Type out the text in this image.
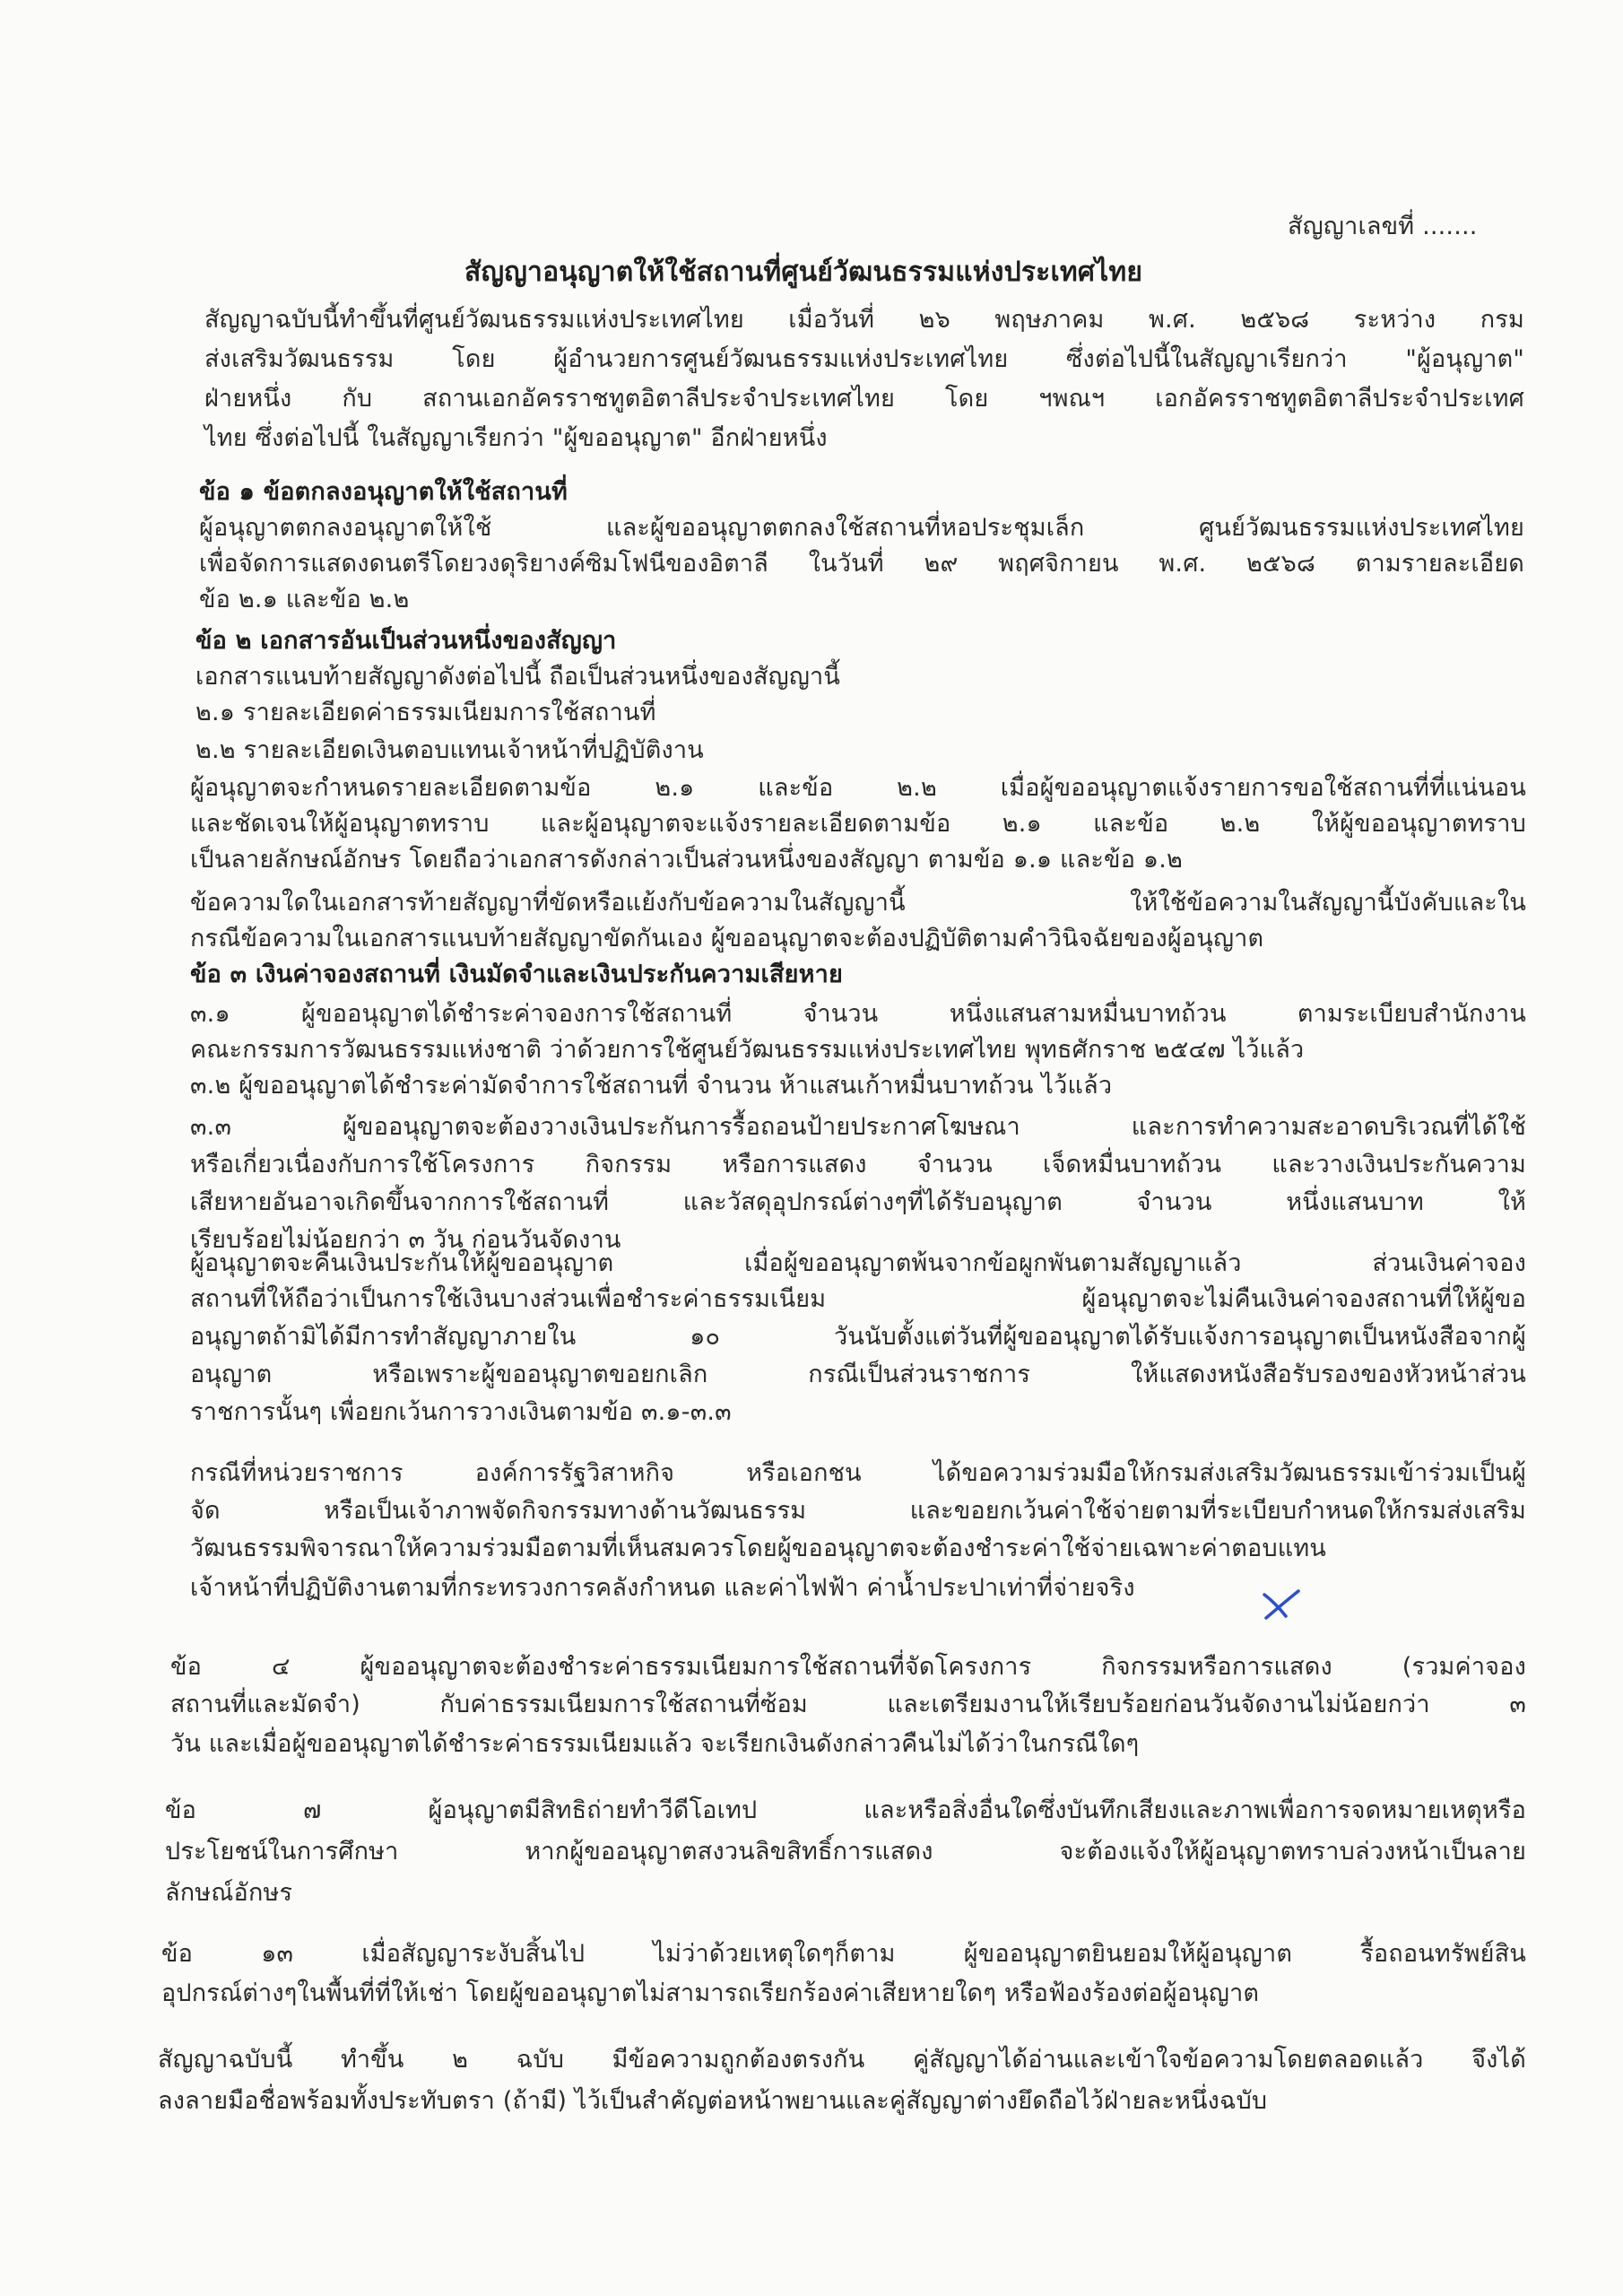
สัญญาเลขที่ .......
สัญญาอนุญาตให้ใช้สถานที่ศูนย์วัฒนธรรมแห่งประเทศไทย
สัญญาฉบับนี้ทำขึ้นที่ศูนย์วัฒนธรรมแห่งประเทศไทย เมื่อวันที่ ๒๖ พฤษภาคม พ.ศ. ๒๕๖๘ ระหว่าง กรม
ส่งเสริมวัฒนธรรม โดย ผู้อำนวยการศูนย์วัฒนธรรมแห่งประเทศไทย ซึ่งต่อไปนี้ในสัญญาเรียกว่า "ผู้อนุญาต"
ฝ่ายหนึ่ง กับ สถานเอกอัครราชทูตอิตาลีประจำประเทศไทย โดย ฯพณฯ เอกอัครราชทูตอิตาลีประจำประเทศ
ไทย ซึ่งต่อไปนี้ ในสัญญาเรียกว่า "ผู้ขออนุญาต" อีกฝ่ายหนึ่ง
ข้อ ๑ ข้อตกลงอนุญาตให้ใช้สถานที่
ผู้อนุญาตตกลงอนุญาตให้ใช้ และผู้ขออนุญาตตกลงใช้สถานที่หอประชุมเล็ก ศูนย์วัฒนธรรมแห่งประเทศไทย
เพื่อจัดการแสดงดนตรีโดยวงดุริยางค์ซิมโฟนีของอิตาลี ในวันที่ ๒๙ พฤศจิกายน พ.ศ. ๒๕๖๘ ตามรายละเอียด
ข้อ ๒.๑ และข้อ ๒.๒
ข้อ ๒ เอกสารอันเป็นส่วนหนึ่งของสัญญา
เอกสารแนบท้ายสัญญาดังต่อไปนี้ ถือเป็นส่วนหนึ่งของสัญญานี้
๒.๑ รายละเอียดค่าธรรมเนียมการใช้สถานที่
๒.๒ รายละเอียดเงินตอบแทนเจ้าหน้าที่ปฏิบัติงาน
ผู้อนุญาตจะกำหนดรายละเอียดตามข้อ ๒.๑ และข้อ ๒.๒ เมื่อผู้ขออนุญาตแจ้งรายการขอใช้สถานที่ที่แน่นอน
และชัดเจนให้ผู้อนุญาตทราบ และผู้อนุญาตจะแจ้งรายละเอียดตามข้อ ๒.๑ และข้อ ๒.๒ ให้ผู้ขออนุญาตทราบ
เป็นลายลักษณ์อักษร โดยถือว่าเอกสารดังกล่าวเป็นส่วนหนึ่งของสัญญา ตามข้อ ๑.๑ และข้อ ๑.๒
ข้อความใดในเอกสารท้ายสัญญาที่ขัดหรือแย้งกับข้อความในสัญญานี้ ให้ใช้ข้อความในสัญญานี้บังคับและใน
กรณีข้อความในเอกสารแนบท้ายสัญญาขัดกันเอง ผู้ขออนุญาตจะต้องปฏิบัติตามคำวินิจฉัยของผู้อนุญาต
ข้อ ๓ เงินค่าจองสถานที่ เงินมัดจำและเงินประกันความเสียหาย
๓.๑ ผู้ขออนุญาตได้ชำระค่าจองการใช้สถานที่ จำนวน หนึ่งแสนสามหมื่นบาทถ้วน ตามระเบียบสำนักงาน
คณะกรรมการวัฒนธรรมแห่งชาติ ว่าด้วยการใช้ศูนย์วัฒนธรรมแห่งประเทศไทย พุทธศักราช ๒๕๔๗ ไว้แล้ว
๓.๒ ผู้ขออนุญาตได้ชำระค่ามัดจำการใช้สถานที่ จำนวน ห้าแสนเก้าหมื่นบาทถ้วน ไว้แล้ว
๓.๓ ผู้ขออนุญาตจะต้องวางเงินประกันการรื้อถอนป้ายประกาศโฆษณา และการทำความสะอาดบริเวณที่ได้ใช้
หรือเกี่ยวเนื่องกับการใช้โครงการ กิจกรรม หรือการแสดง จำนวน เจ็ดหมื่นบาทถ้วน และวางเงินประกันความ
เสียหายอันอาจเกิดขึ้นจากการใช้สถานที่ และวัสดุอุปกรณ์ต่างๆที่ได้รับอนุญาต จำนวน หนึ่งแสนบาท ให้
เรียบร้อยไม่น้อยกว่า ๓ วัน ก่อนวันจัดงาน
ผู้อนุญาตจะคืนเงินประกันให้ผู้ขออนุญาต เมื่อผู้ขออนุญาตพ้นจากข้อผูกพันตามสัญญาแล้ว ส่วนเงินค่าจอง
สถานที่ให้ถือว่าเป็นการใช้เงินบางส่วนเพื่อชำระค่าธรรมเนียม ผู้อนุญาตจะไม่คืนเงินค่าจองสถานที่ให้ผู้ขอ
อนุญาตถ้ามิได้มีการทำสัญญาภายใน ๑๐ วันนับตั้งแต่วันที่ผู้ขออนุญาตได้รับแจ้งการอนุญาตเป็นหนังสือจากผู้
อนุญาต หรือเพราะผู้ขออนุญาตขอยกเลิก กรณีเป็นส่วนราชการ ให้แสดงหนังสือรับรองของหัวหน้าส่วน
ราชการนั้นๆ เพื่อยกเว้นการวางเงินตามข้อ ๓.๑-๓.๓
กรณีที่หน่วยราชการ องค์การรัฐวิสาหกิจ หรือเอกชน ได้ขอความร่วมมือให้กรมส่งเสริมวัฒนธรรมเข้าร่วมเป็นผู้
จัด หรือเป็นเจ้าภาพจัดกิจกรรมทางด้านวัฒนธรรม และขอยกเว้นค่าใช้จ่ายตามที่ระเบียบกำหนดให้กรมส่งเสริม
วัฒนธรรมพิจารณาให้ความร่วมมือตามที่เห็นสมควรโดยผู้ขออนุญาตจะต้องชำระค่าใช้จ่ายเฉพาะค่าตอบแทน
เจ้าหน้าที่ปฏิบัติงานตามที่กระทรวงการคลังกำหนด และค่าไฟฟ้า ค่าน้ำประปาเท่าที่จ่ายจริง
ข้อ ๔ ผู้ขออนุญาตจะต้องชำระค่าธรรมเนียมการใช้สถานที่จัดโครงการ กิจกรรมหรือการแสดง (รวมค่าจอง
สถานที่และมัดจำ) กับค่าธรรมเนียมการใช้สถานที่ซ้อม และเตรียมงานให้เรียบร้อยก่อนวันจัดงานไม่น้อยกว่า ๓
วัน และเมื่อผู้ขออนุญาตได้ชำระค่าธรรมเนียมแล้ว จะเรียกเงินดังกล่าวคืนไม่ได้ว่าในกรณีใดๆ
ข้อ ๗ ผู้อนุญาตมีสิทธิถ่ายทำวีดีโอเทป และหรือสิ่งอื่นใดซึ่งบันทึกเสียงและภาพเพื่อการจดหมายเหตุหรือ
ประโยชน์ในการศึกษา หากผู้ขออนุญาตสงวนลิขสิทธิ์การแสดง จะต้องแจ้งให้ผู้อนุญาตทราบล่วงหน้าเป็นลาย
ลักษณ์อักษร
ข้อ ๑๓ เมื่อสัญญาระงับสิ้นไป ไม่ว่าด้วยเหตุใดๆก็ตาม ผู้ขออนุญาตยินยอมให้ผู้อนุญาต รื้อถอนทรัพย์สิน
อุปกรณ์ต่างๆในพื้นที่ที่ให้เช่า โดยผู้ขออนุญาตไม่สามารถเรียกร้องค่าเสียหายใดๆ หรือฟ้องร้องต่อผู้อนุญาต
สัญญาฉบับนี้ ทำขึ้น ๒ ฉบับ มีข้อความถูกต้องตรงกัน คู่สัญญาได้อ่านและเข้าใจข้อความโดยตลอดแล้ว จึงได้
ลงลายมือชื่อพร้อมทั้งประทับตรา (ถ้ามี) ไว้เป็นสำคัญต่อหน้าพยานและคู่สัญญาต่างยึดถือไว้ฝ่ายละหนึ่งฉบับ
